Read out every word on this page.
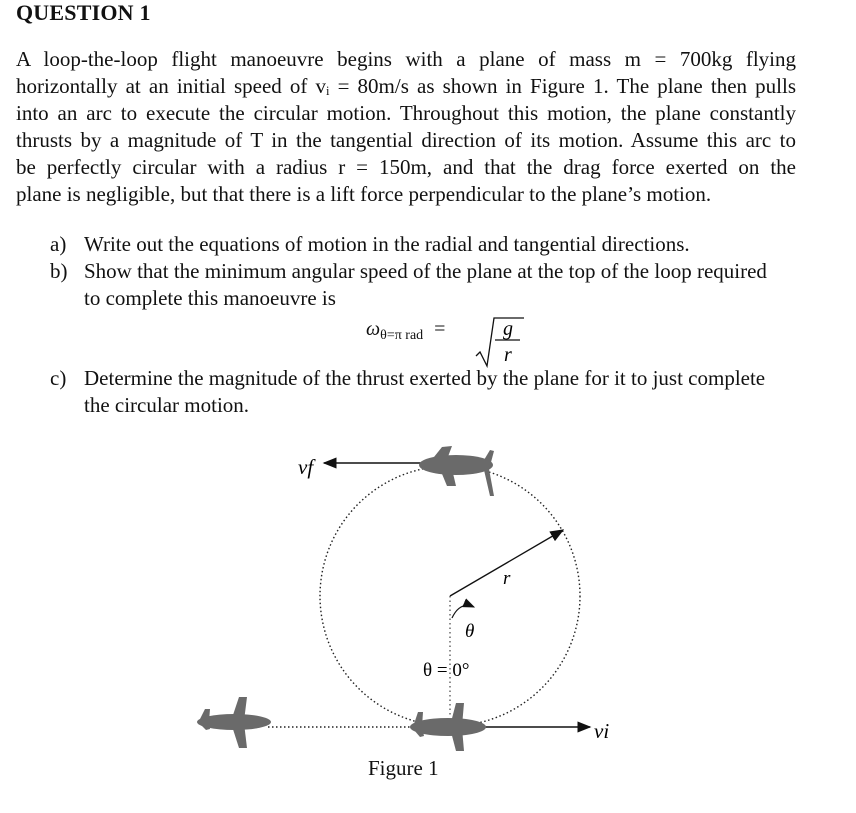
QUESTION 1
A loop-the-loop flight manoeuvre begins with a plane of mass m = 700kg flying
horizontally at an initial speed of vᵢ = 80m/s as shown in Figure 1. The plane then pulls
into an arc to execute the circular motion. Throughout this motion, the plane constantly
thrusts by a magnitude of T in the tangential direction of its motion. Assume this arc to
be perfectly circular with a radius r = 150m, and that the drag force exerted on the
plane is negligible, but that there is a lift force perpendicular to the plane’s motion.
a) Write out the equations of motion in the radial and tangential directions.
b) Show that the minimum angular speed of the plane at the top of the loop required
to complete this manoeuvre is
$\omega_{\theta=\pi rad}$ =	g
r
c) Determine the magnitude of the thrust exerted by the plane for it to just complete
the circular motion.
vf
vi
r
θ
θ = 0°
Figure 1
